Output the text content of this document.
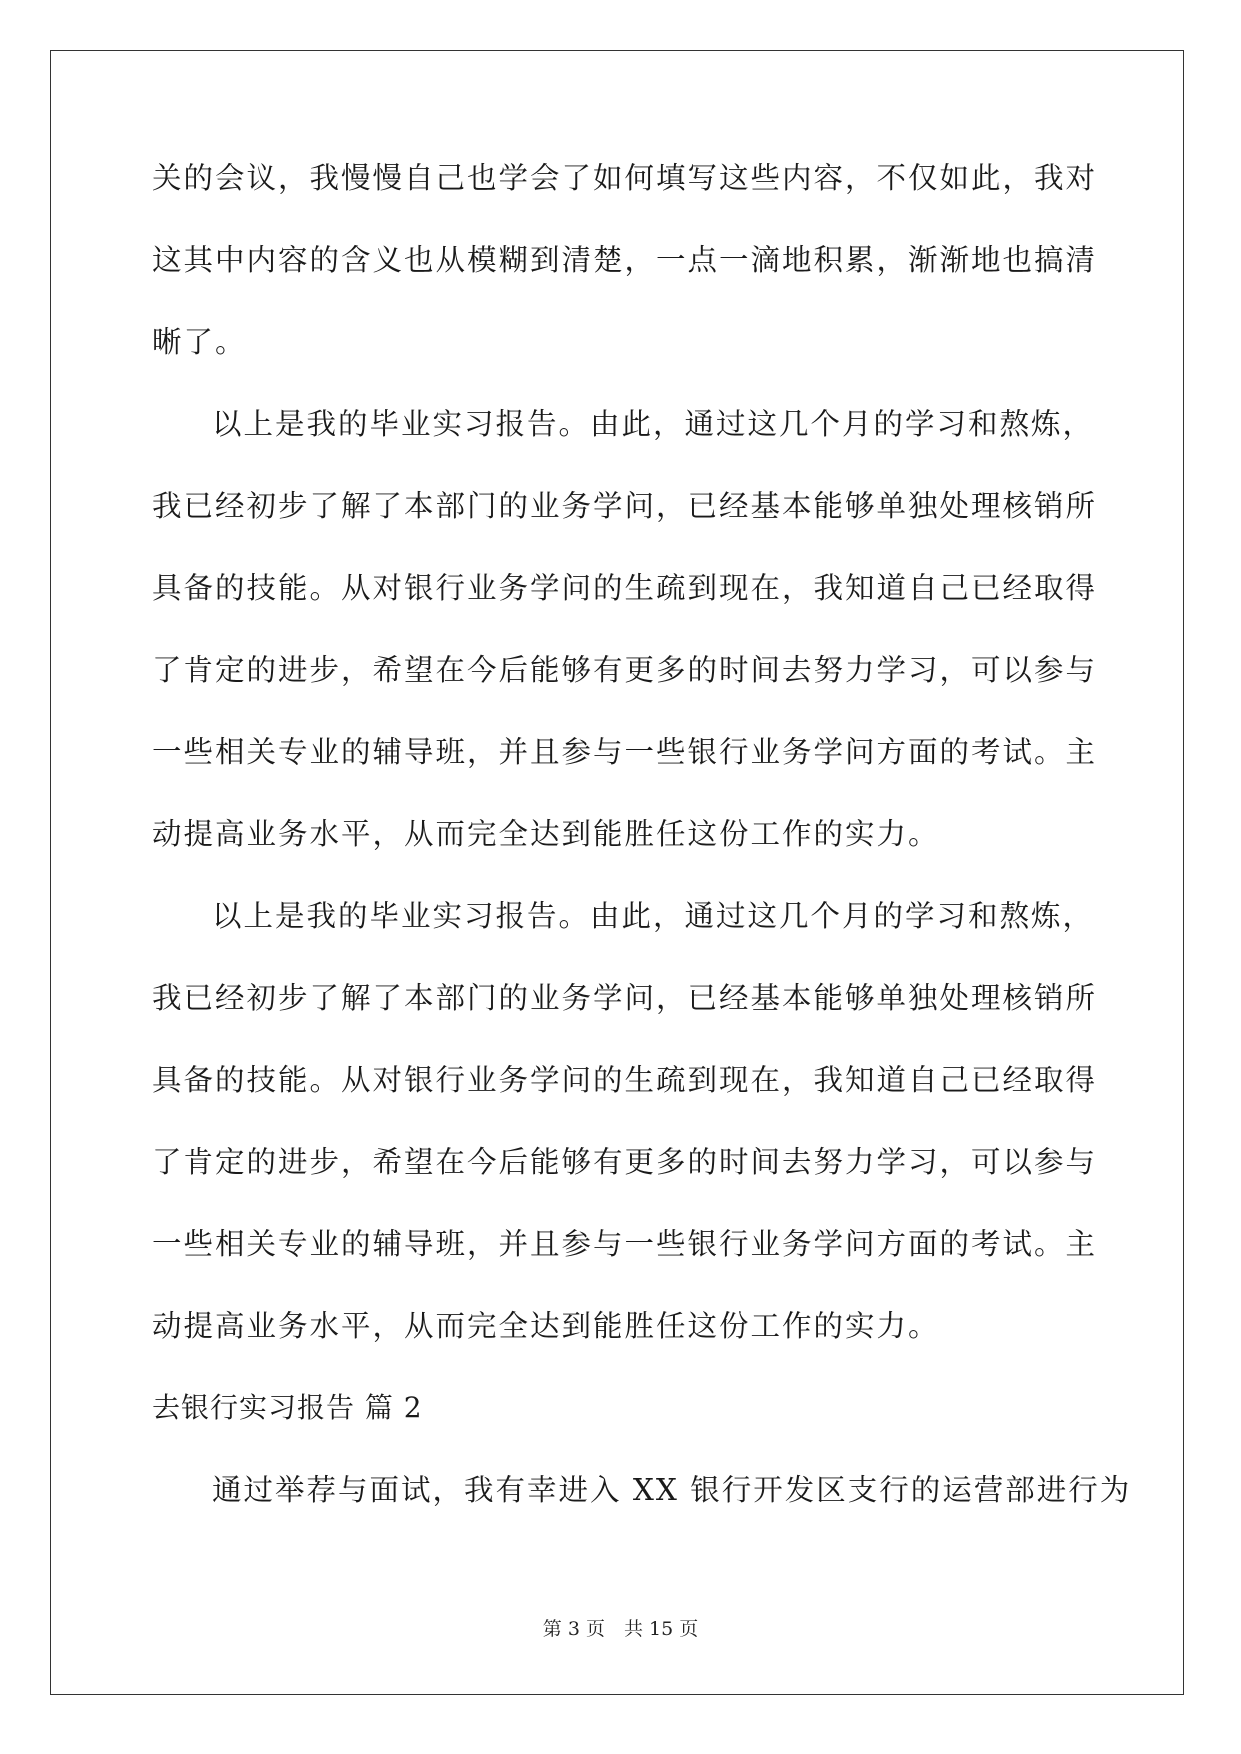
关的会议，我慢慢自己也学会了如何填写这些内容，不仅如此，我对
这其中内容的含义也从模糊到清楚，一点一滴地积累，渐渐地也搞清
晰了。
以上是我的毕业实习报告。由此，通过这几个月的学习和熬炼，
我已经初步了解了本部门的业务学问，已经基本能够单独处理核销所
具备的技能。从对银行业务学问的生疏到现在，我知道自己已经取得
了肯定的进步，希望在今后能够有更多的时间去努力学习，可以参与
一些相关专业的辅导班，并且参与一些银行业务学问方面的考试。主
动提高业务水平，从而完全达到能胜任这份工作的实力。
以上是我的毕业实习报告。由此，通过这几个月的学习和熬炼，
我已经初步了解了本部门的业务学问，已经基本能够单独处理核销所
具备的技能。从对银行业务学问的生疏到现在，我知道自己已经取得
了肯定的进步，希望在今后能够有更多的时间去努力学习，可以参与
一些相关专业的辅导班，并且参与一些银行业务学问方面的考试。主
动提高业务水平，从而完全达到能胜任这份工作的实力。
去银行实习报告 篇 2
通过举荐与面试，我有幸进入 XX 银行开发区支行的运营部进行为
第 3 页　共 15 页
